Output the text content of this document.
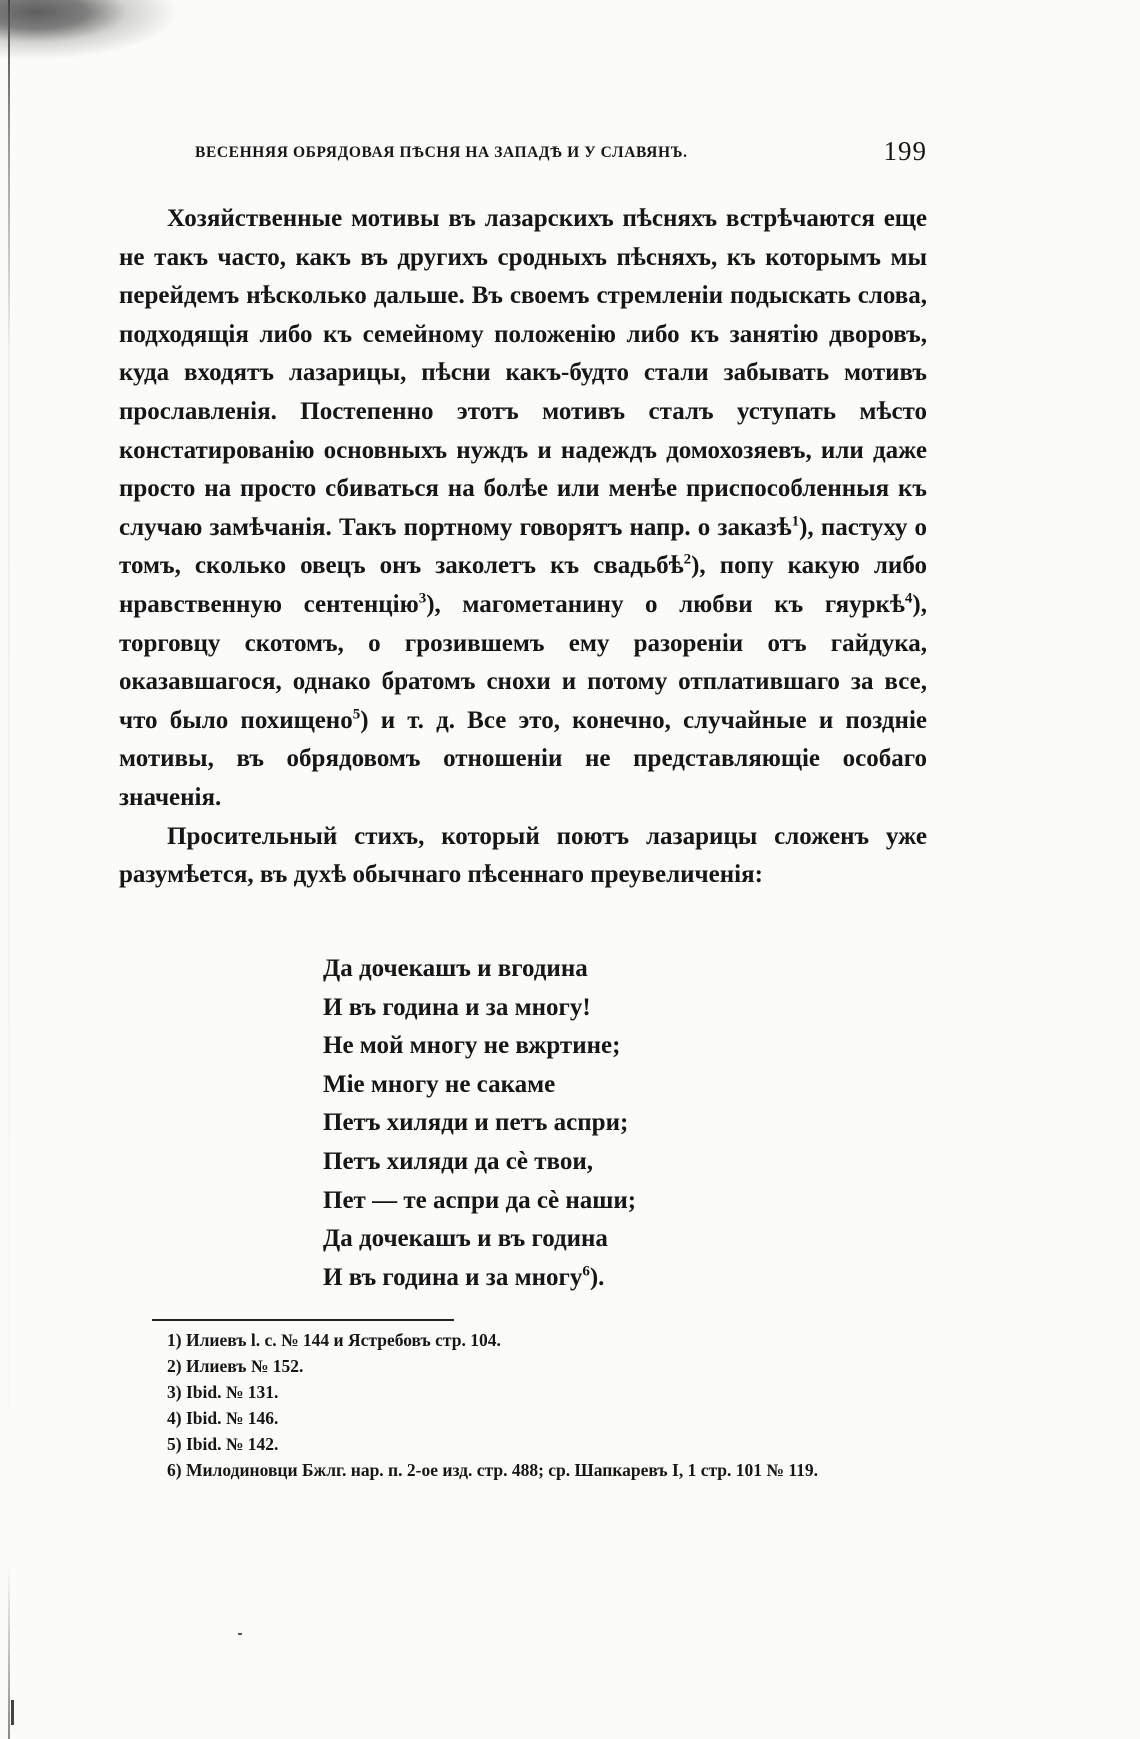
ВЕСЕННЯЯ ОБРЯДОВАЯ ПѢСНЯ НА ЗАПАДѢ И У СЛАВЯНЪ.	199

Хозяйственные мотивы въ лазарскихъ пѣсняхъ встрѣчаются еще не такъ часто, какъ въ другихъ сродныхъ пѣсняхъ, къ которымъ мы перейдемъ нѣсколько дальше. Въ своемъ стремленіи подыскать слова, подходящія либо къ семейному положенію либо къ занятію дворовъ, куда входятъ лазарицы, пѣсни какъ-будто стали забывать мотивъ прославленія. Постепенно этотъ мотивъ сталъ уступать мѣсто констатированію основныхъ нуждъ и надеждъ домохозяевъ, или даже просто на просто сбиваться на болѣе или менѣе приспособленныя къ случаю замѣчанія. Такъ портному говорятъ напр. о заказѣ$^1$), пастуху о томъ, сколько овецъ онъ заколетъ къ свадьбѣ$^2$), попу какую либо нравственную сентенцію$^3$), магометанину о любви къ гяуркѣ$^4$), торговцу скотомъ, о грозившемъ ему разореніи отъ гайдука, оказавшагося, однако братомъ снохи и потому отплатившаго за все, что было похищено$^5$) и т. д. Все это, конечно, случайные и поздніе мотивы, въ обрядовомъ отношеніи не представляющіе особаго значенія.

Просительный стихъ, который поютъ лазарицы сложенъ уже разумѣется, въ духѣ обычнаго пѣсеннаго преувеличенія:

Да дочекашъ и вгодина
И въ година и за многу!
Не мой многу не вжртине;
Міе многу не сакаме
Петъ хиляди и петъ аспри;
Петъ хиляди да сѐ твои,
Пет — те аспри да сѐ наши;
Да дочекашъ и въ година
И въ година и за многу$^6$).
1) Илиевъ l. c. № 144 и Ястребовъ стр. 104.
2) Илиевъ № 152.
3) Ibid. № 131.
4) Ibid. № 146.
5) Ibid. № 142.
6) Милодиновци Бжлг. нар. п. 2-ое изд. стр. 488; ср. Шапкаревъ I, 1 стр. 101 № 119.
